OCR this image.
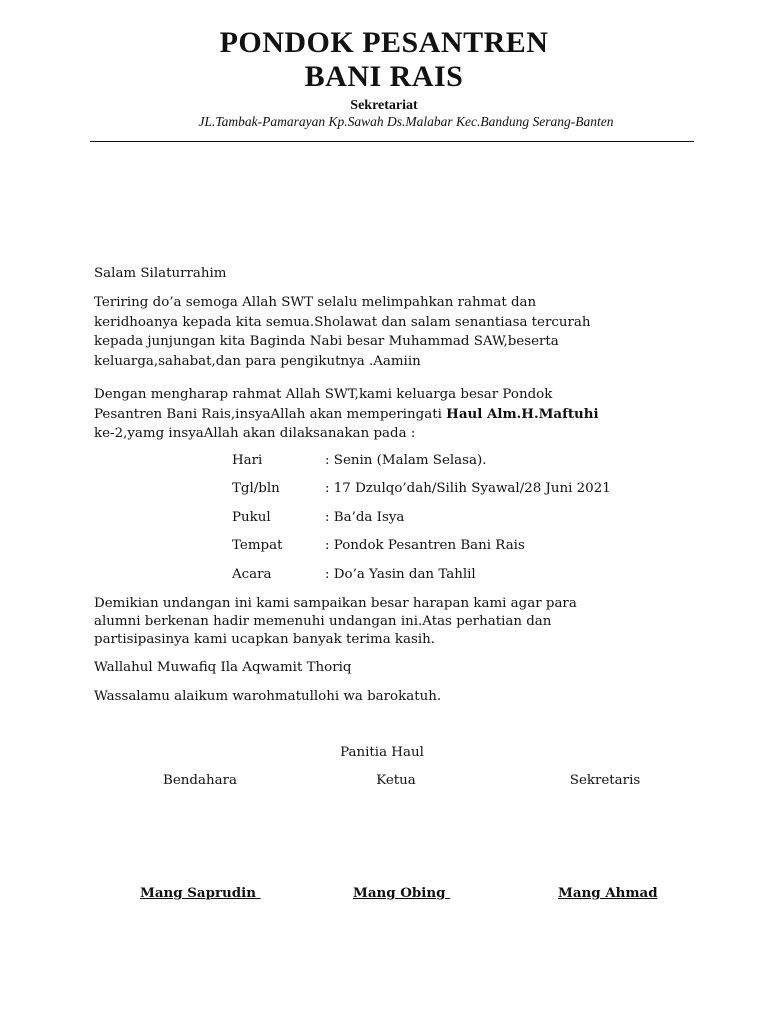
PONDOK PESANTREN
BANI RAIS
Sekretariat
JL.Tambak-Pamarayan Kp.Sawah Ds.Malabar Kec.Bandung Serang-Banten
Salam Silaturrahim
Teriring do’a semoga Allah SWT selalu melimpahkan rahmat dan
keridhoanya kepada kita semua.Sholawat dan salam senantiasa tercurah
kepada junjungan kita Baginda Nabi besar Muhammad SAW,beserta
keluarga,sahabat,dan para pengikutnya .Aamiin
Dengan mengharap rahmat Allah SWT,kami keluarga besar Pondok
Pesantren Bani Rais,insyaAllah akan memperingati Haul Alm.H.Maftuhi
ke-2,yamg insyaAllah akan dilaksanakan pada :
Hari	: Senin (Malam Selasa).
Tgl/bln	: 17 Dzulqo’dah/Silih Syawal/28 Juni 2021
Pukul	: Ba’da Isya
Tempat	: Pondok Pesantren Bani Rais
Acara	: Do’a Yasin dan Tahlil
Demikian undangan ini kami sampaikan besar harapan kami agar para
alumni berkenan hadir memenuhi undangan ini.Atas perhatian dan
partisipasinya kami ucapkan banyak terima kasih.
Wallahul Muwafiq Ila Aqwamit Thoriq
Wassalamu alaikum warohmatullohi wa barokatuh.
Panitia Haul
Bendahara	Ketua	Sekretaris
Mang Saprudin	Mang Obing	Mang Ahmad
